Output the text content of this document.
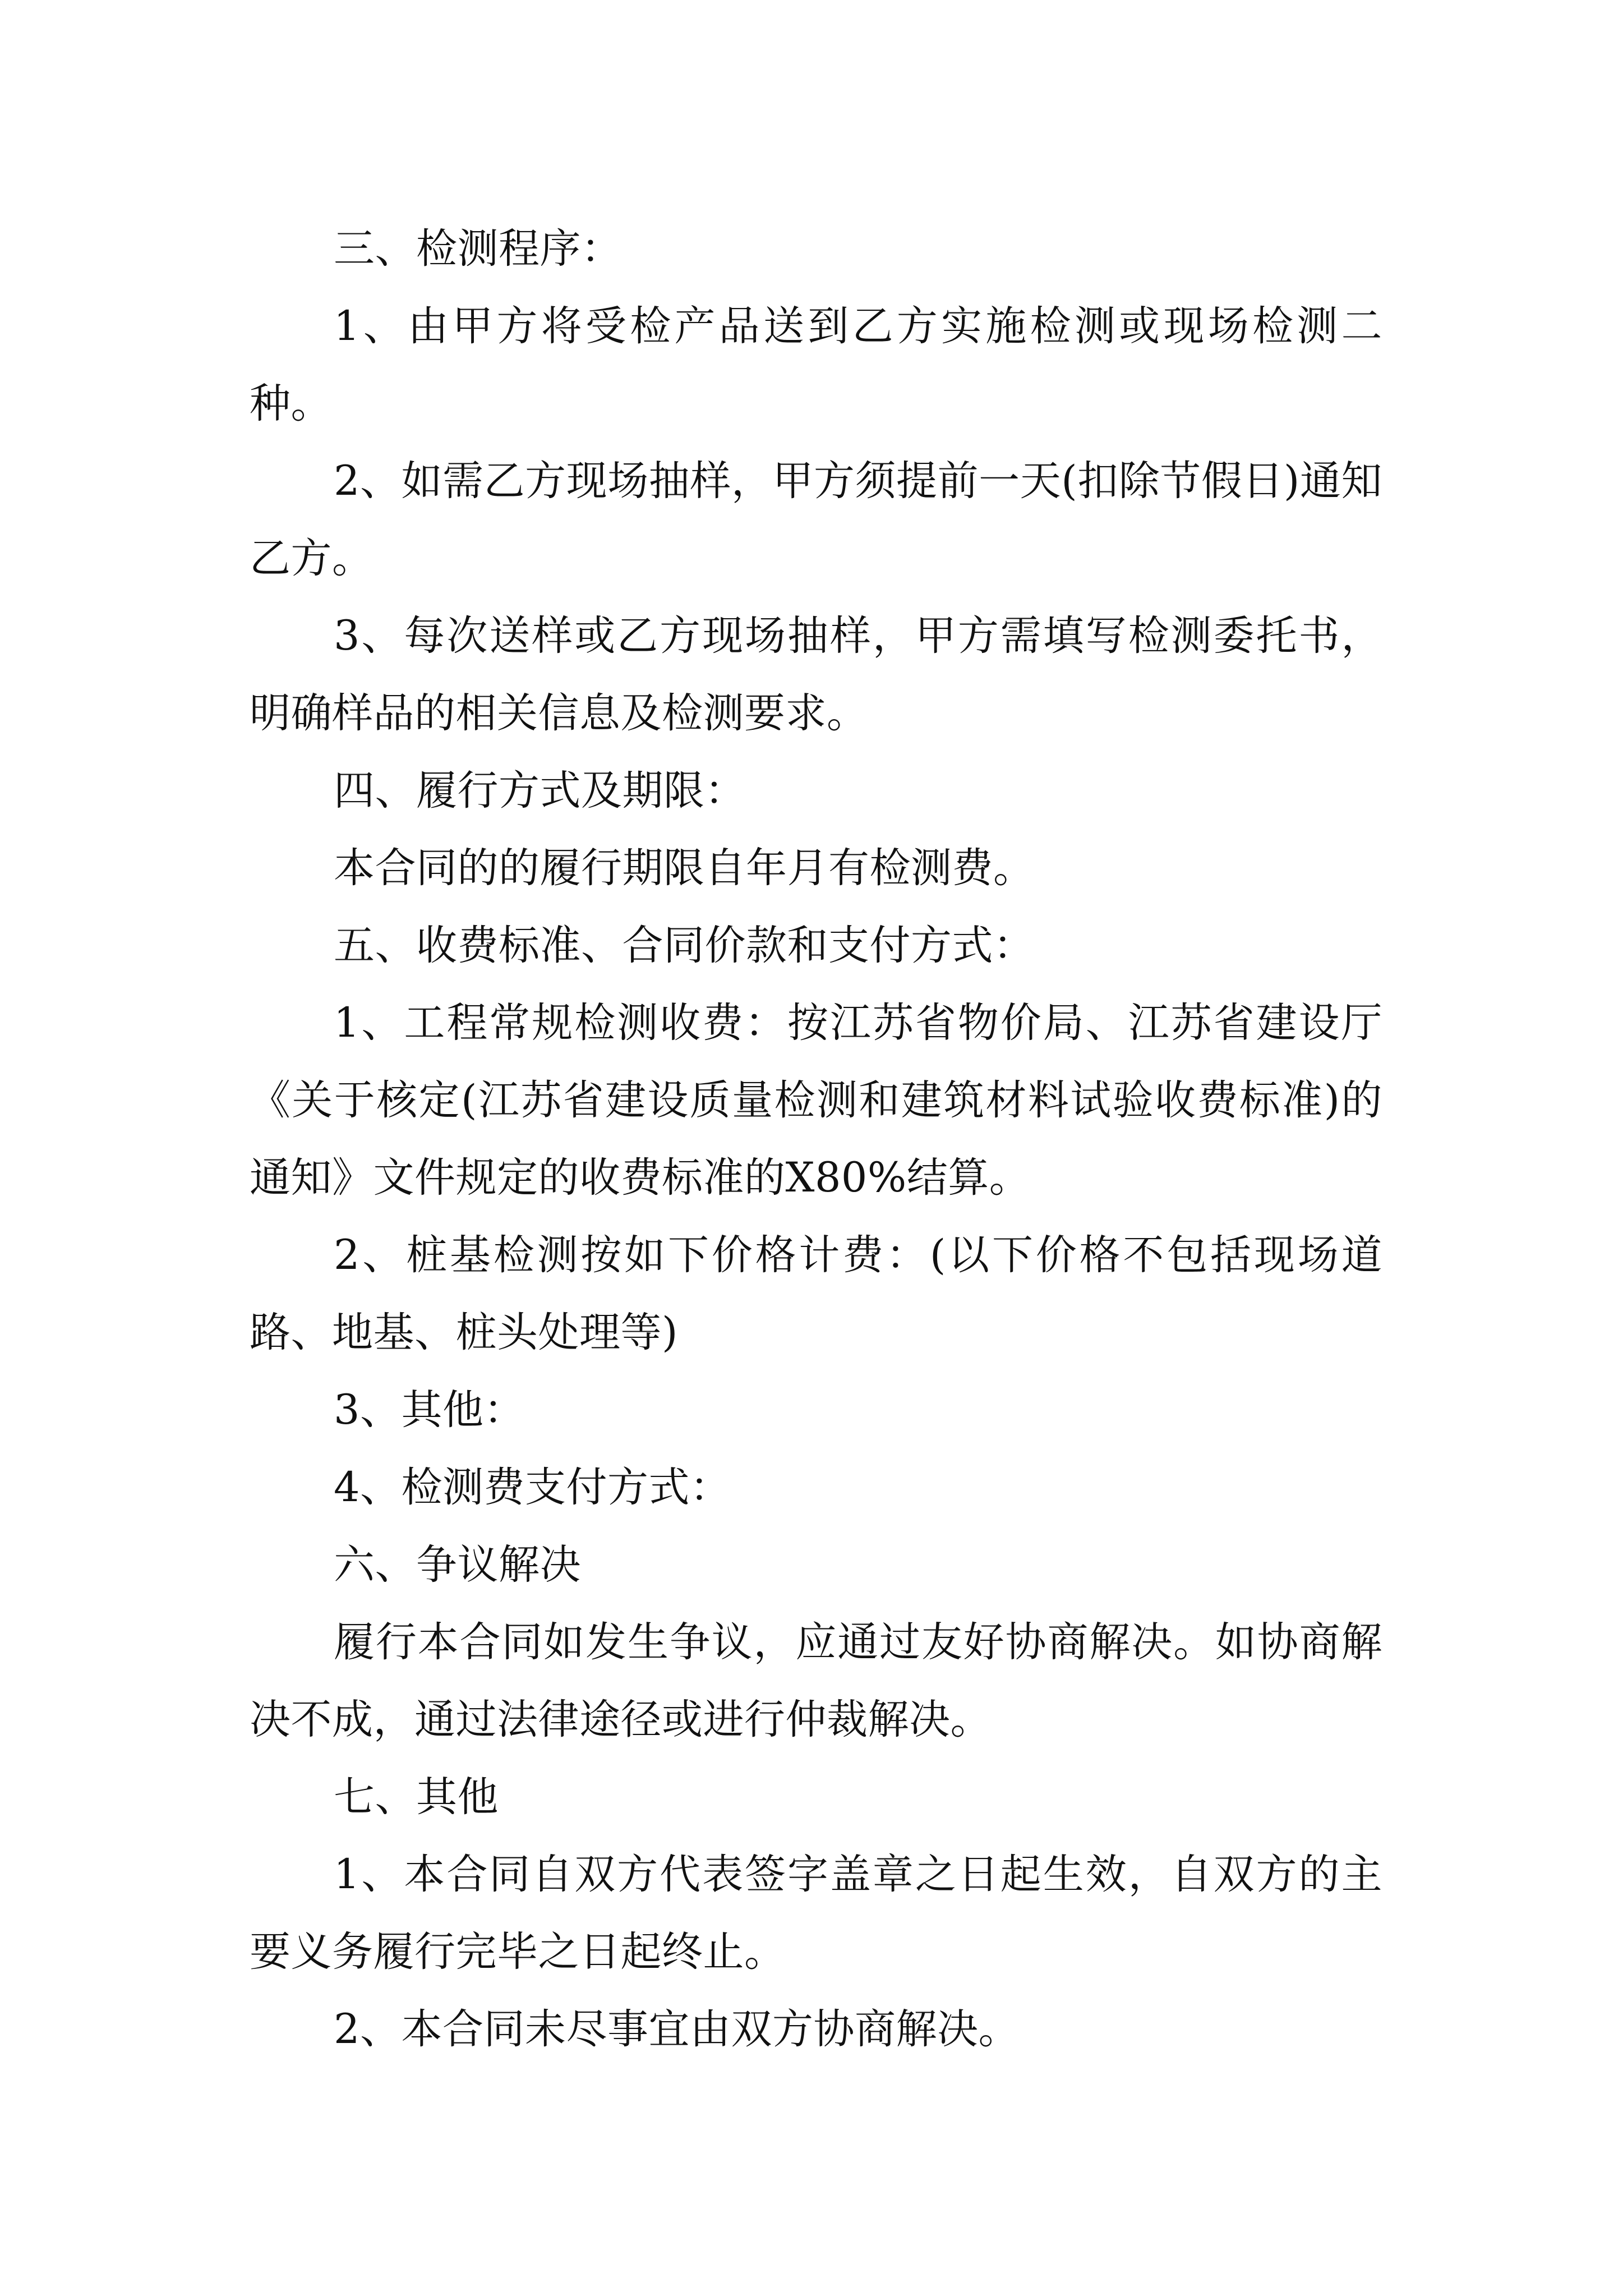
三、检测程序：

1、由甲方将受检产品送到乙方实施检测或现场检测二种。

2、如需乙方现场抽样，甲方须提前一天(扣除节假日)通知乙方。

3、每次送样或乙方现场抽样，甲方需填写检测委托书，明确样品的相关信息及检测要求。

四、履行方式及期限：

本合同的的履行期限自年月有检测费。

五、收费标准、合同价款和支付方式：

1、工程常规检测收费：按江苏省物价局、江苏省建设厅《关于核定(江苏省建设质量检测和建筑材料试验收费标准)的通知》文件规定的收费标准的X80%结算。

2、桩基检测按如下价格计费：(以下价格不包括现场道路、地基、桩头处理等)

3、其他：

4、检测费支付方式：

六、争议解决

履行本合同如发生争议，应通过友好协商解决。如协商解决不成，通过法律途径或进行仲裁解决。

七、其他

1、本合同自双方代表签字盖章之日起生效，自双方的主要义务履行完毕之日起终止。

2、本合同未尽事宜由双方协商解决。
